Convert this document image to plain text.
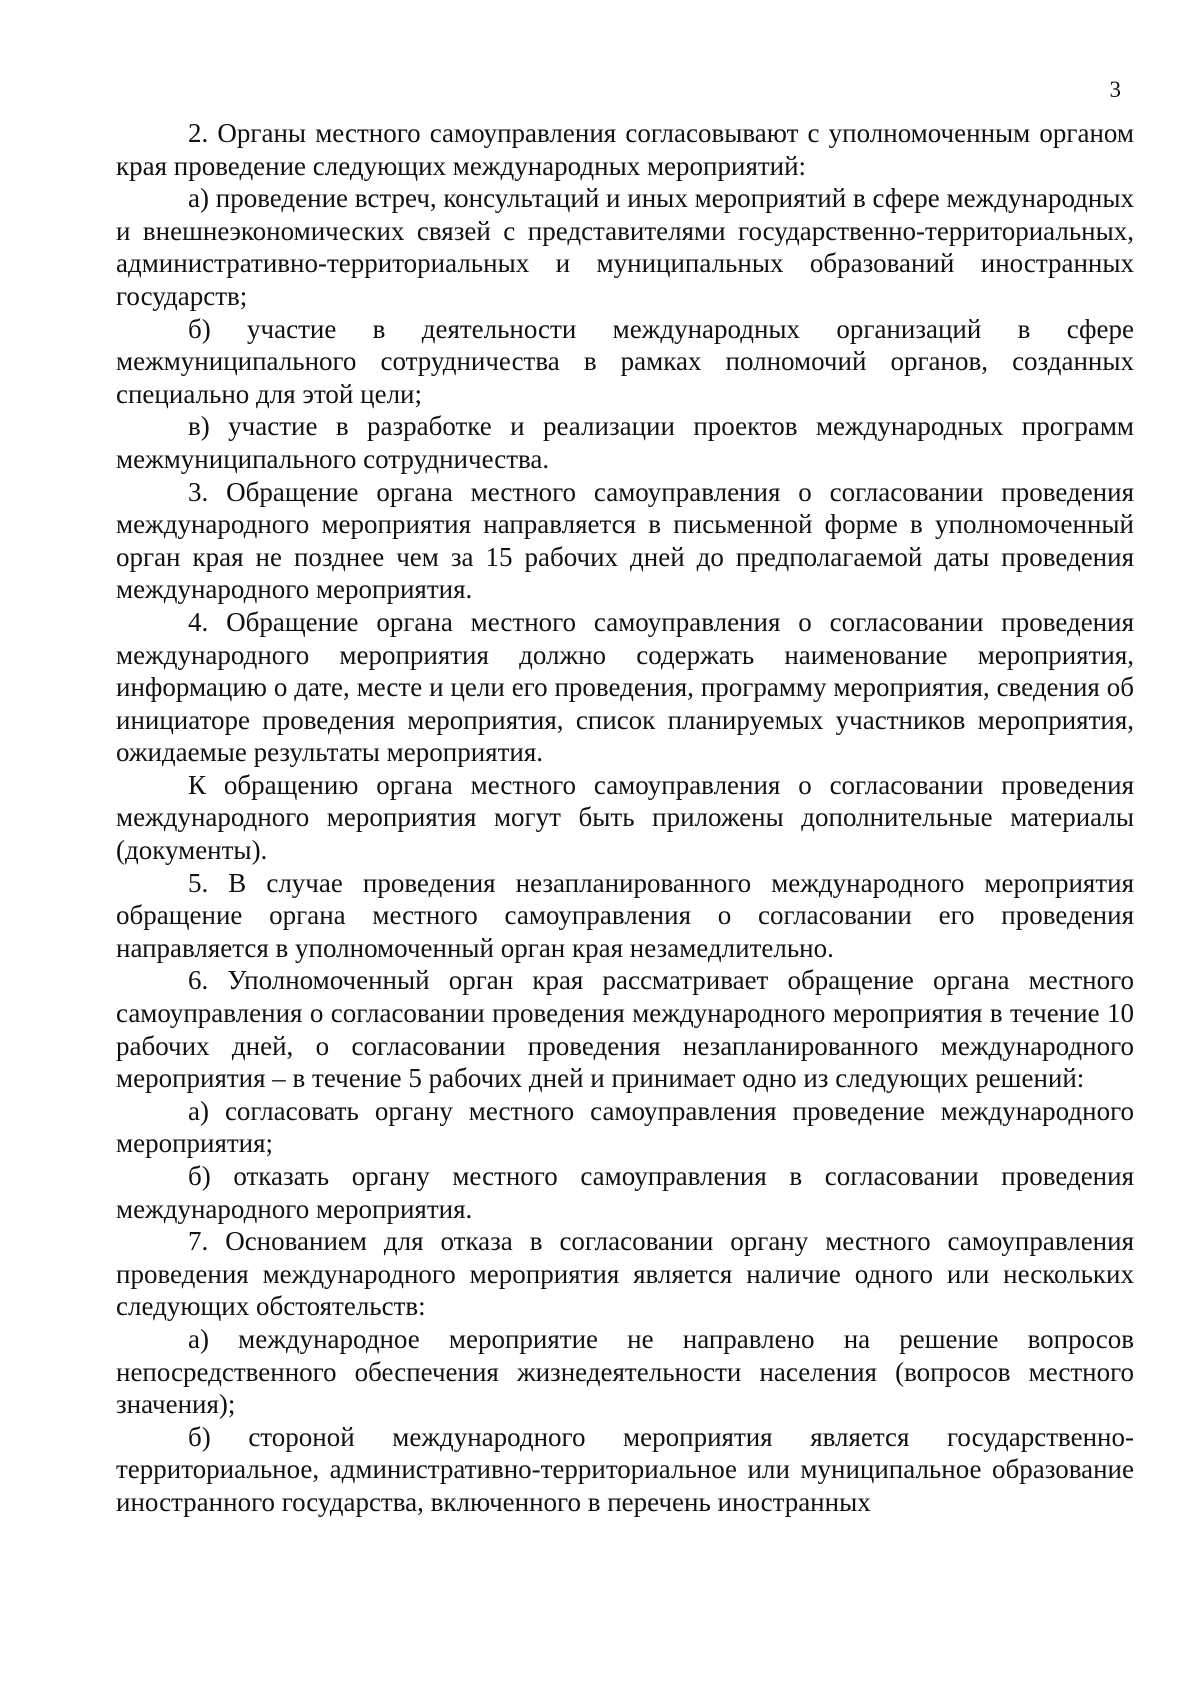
3

2. Органы местного самоуправления согласовывают с уполномоченным органом края проведение следующих международных мероприятий:

а) проведение встреч, консультаций и иных мероприятий в сфере международных и внешнеэкономических связей с представителями государственно-территориальных, административно-территориальных и муниципальных образований иностранных государств;

б) участие в деятельности международных организаций в сфере межмуниципального сотрудничества в рамках полномочий органов, созданных специально для этой цели;

в) участие в разработке и реализации проектов международных программ межмуниципального сотрудничества.

3. Обращение органа местного самоуправления о согласовании проведения международного мероприятия направляется в письменной форме в уполномоченный орган края не позднее чем за 15 рабочих дней до предполагаемой даты проведения международного мероприятия.

4. Обращение органа местного самоуправления о согласовании проведения международного мероприятия должно содержать наименование мероприятия, информацию о дате, месте и цели его проведения, программу мероприятия, сведения об инициаторе проведения мероприятия, список планируемых участников мероприятия, ожидаемые результаты мероприятия.

К обращению органа местного самоуправления о согласовании проведения международного мероприятия могут быть приложены дополнительные материалы (документы).

5. В случае проведения незапланированного международного мероприятия обращение органа местного самоуправления о согласовании его проведения направляется в уполномоченный орган края незамедлительно.

6. Уполномоченный орган края рассматривает обращение органа местного самоуправления о согласовании проведения международного мероприятия в течение 10 рабочих дней, о согласовании проведения незапланированного международного мероприятия – в течение 5 рабочих дней и принимает одно из следующих решений:

а) согласовать органу местного самоуправления проведение международного мероприятия;

б) отказать органу местного самоуправления в согласовании проведения международного мероприятия.

7. Основанием для отказа в согласовании органу местного самоуправления проведения международного мероприятия является наличие одного или нескольких следующих обстоятельств:

а) международное мероприятие не направлено на решение вопросов непосредственного обеспечения жизнедеятельности населения (вопросов местного значения);

б) стороной международного мероприятия является государственно-территориальное, административно-территориальное или муниципальное образование иностранного государства, включенного в перечень иностранных
